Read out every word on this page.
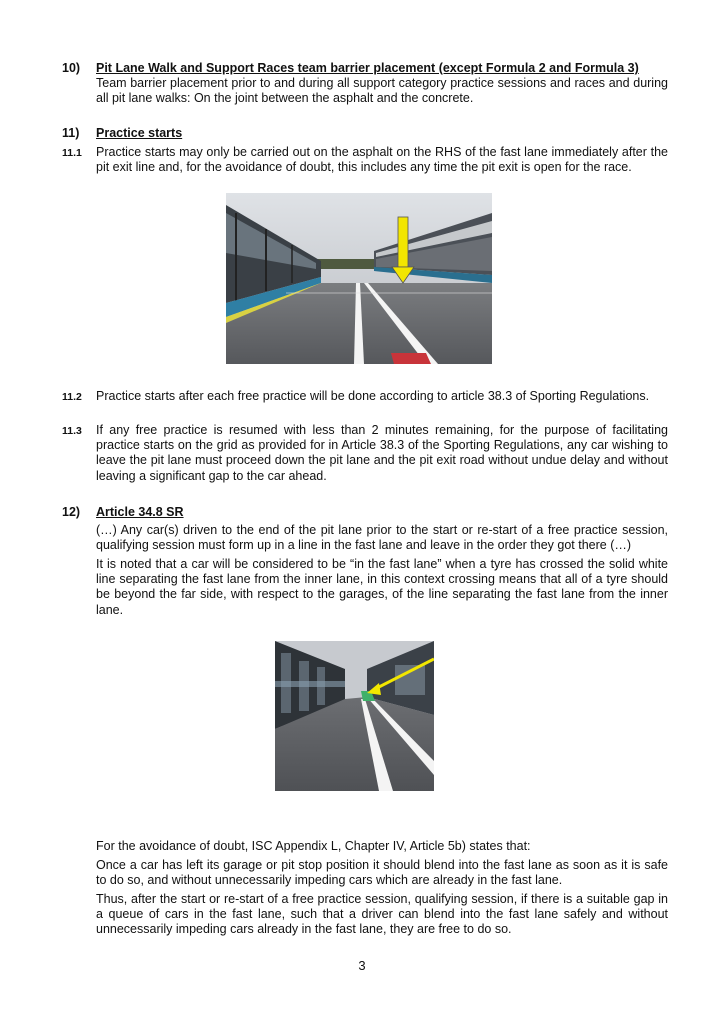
10)	Pit Lane Walk and Support Races team barrier placement (except Formula 2 and Formula 3)
Team barrier placement prior to and during all support category practice sessions and races and during all pit lane walks: On the joint between the asphalt and the concrete.
11)	Practice starts
11.1 Practice starts may only be carried out on the asphalt on the RHS of the fast lane immediately after the pit exit line and, for the avoidance of doubt, this includes any time the pit exit is open for the race.
11.2 Practice starts after each free practice will be done according to article 38.3 of Sporting Regulations.
11.3 If any free practice is resumed with less than 2 minutes remaining, for the purpose of facilitating practice starts on the grid as provided for in Article 38.3 of the Sporting Regulations, any car wishing to leave the pit lane must proceed down the pit lane and the pit exit road without undue delay and without leaving a significant gap to the car ahead.
12)	Article 34.8 SR
(…) Any car(s) driven to the end of the pit lane prior to the start or re-start of a free practice session, qualifying session must form up in a line in the fast lane and leave in the order they got there (…)
It is noted that a car will be considered to be “in the fast lane” when a tyre has crossed the solid white line separating the fast lane from the inner lane, in this context crossing means that all of a tyre should be beyond the far side, with respect to the garages, of the line separating the fast lane from the inner lane.
For the avoidance of doubt, ISC Appendix L, Chapter IV, Article 5b) states that:
Once a car has left its garage or pit stop position it should blend into the fast lane as soon as it is safe to do so, and without unnecessarily impeding cars which are already in the fast lane.
Thus, after the start or re-start of a free practice session, qualifying session, if there is a suitable gap in a queue of cars in the fast lane, such that a driver can blend into the fast lane safely and without unnecessarily impeding cars already in the fast lane, they are free to do so.
3
